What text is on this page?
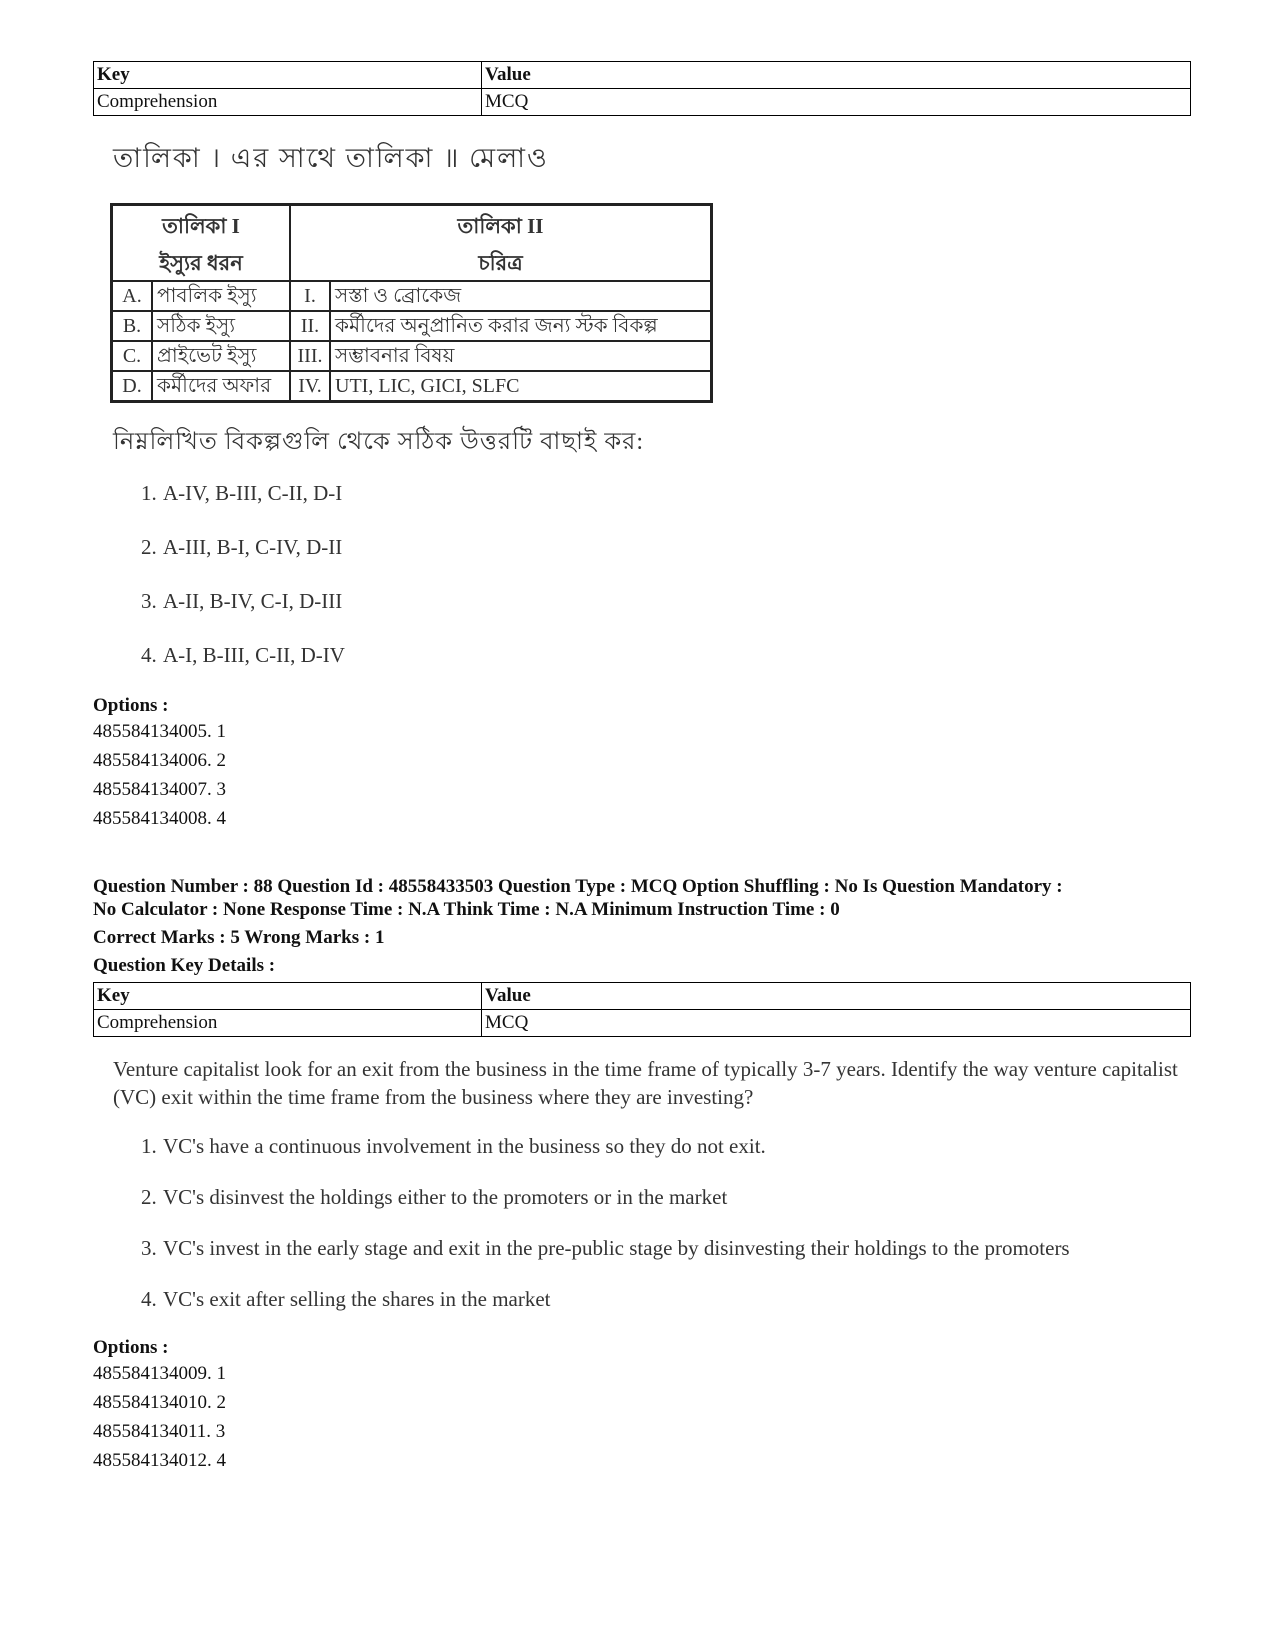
Key	Value
Comprehension	MCQ
তালিকা । এর সাথে তালিকা ॥ মেলাও
তালিকা I		তালিকা II	
ইস্যুর ধরন		চরিত্র	
A.	পাবলিক ইস্যু	I.	সস্তা ও ব্রোকেজ
B.	সঠিক ইস্যু	II.	কর্মীদের অনুপ্রানিত করার জন্য স্টক বিকল্প
C.	প্রাইভেট ইস্যু	III.	সম্ভাবনার বিষয়
D.	কর্মীদের অফার	IV.	UTI, LIC, GICI, SLFC
নিম্নলিখিত বিকল্পগুলি থেকে সঠিক উত্তরটি বাছাই কর:
1. A-IV, B-III, C-II, D-I
2. A-III, B-I, C-IV, D-II
3. A-II, B-IV, C-I, D-III
4. A-I, B-III, C-II, D-IV
Options :
485584134005. 1
485584134006. 2
485584134007. 3
485584134008. 4
Question Number : 88 Question Id : 48558433503 Question Type : MCQ Option Shuffling : No Is Question Mandatory :
No Calculator : None Response Time : N.A Think Time : N.A Minimum Instruction Time : 0
Correct Marks : 5 Wrong Marks : 1
Question Key Details :
Key	Value
Comprehension	MCQ
Venture capitalist look for an exit from the business in the time frame of typically 3-7 years. Identify the way venture capitalist (VC) exit within the time frame from the business where they are investing?
1. VC's have a continuous involvement in the business so they do not exit.
2. VC's disinvest the holdings either to the promoters or in the market
3. VC's invest in the early stage and exit in the pre-public stage by disinvesting their holdings to the promoters
4. VC's exit after selling the shares in the market
Options :
485584134009. 1
485584134010. 2
485584134011. 3
485584134012. 4
